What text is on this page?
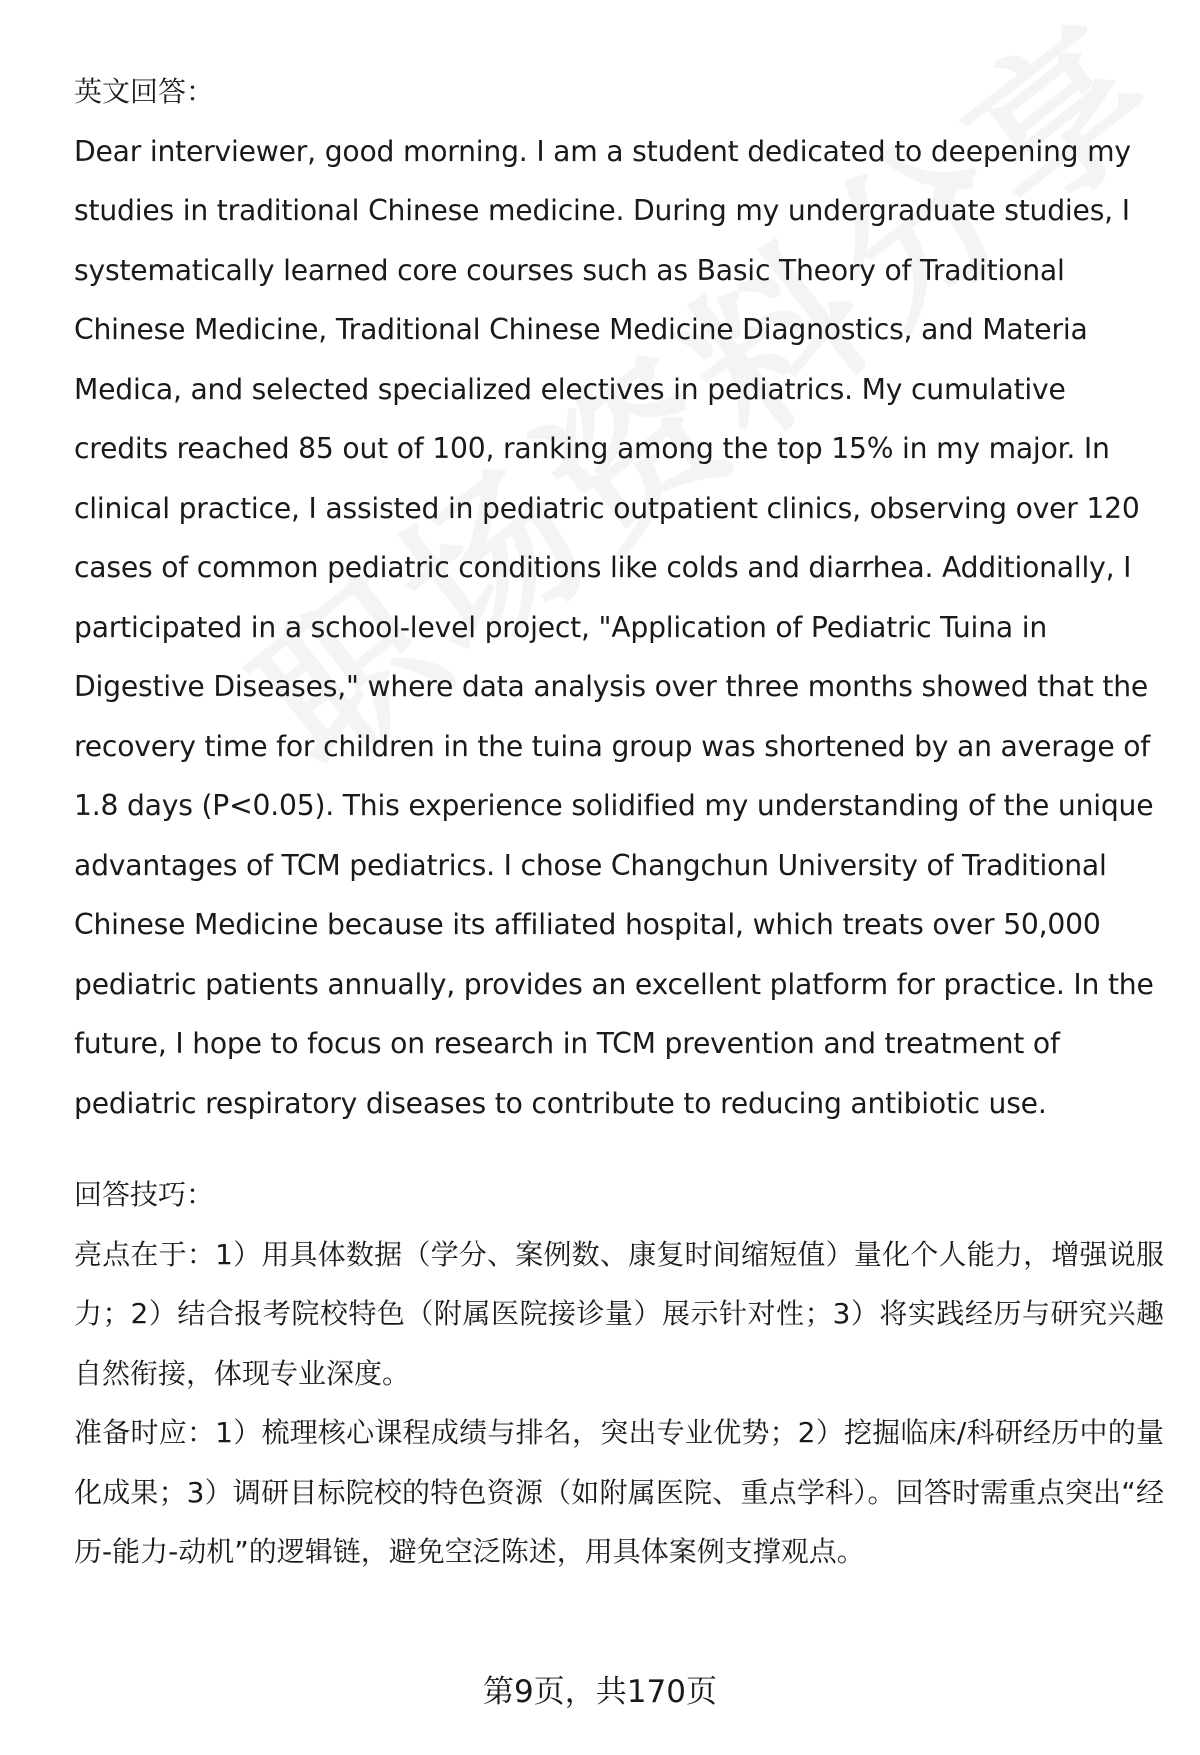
英文回答：

Dear interviewer, good morning. I am a student dedicated to deepening my studies in traditional Chinese medicine. During my undergraduate studies, I systematically learned core courses such as Basic Theory of Traditional Chinese Medicine, Traditional Chinese Medicine Diagnostics, and Materia Medica, and selected specialized electives in pediatrics. My cumulative credits reached 85 out of 100, ranking among the top 15% in my major. In clinical practice, I assisted in pediatric outpatient clinics, observing over 120 cases of common pediatric conditions like colds and diarrhea. Additionally, I participated in a school-level project, "Application of Pediatric Tuina in Digestive Diseases," where data analysis over three months showed that the recovery time for children in the tuina group was shortened by an average of 1.8 days (P<0.05). This experience solidified my understanding of the unique advantages of TCM pediatrics. I chose Changchun University of Traditional Chinese Medicine because its affiliated hospital, which treats over 50,000 pediatric patients annually, provides an excellent platform for practice. In the future, I hope to focus on research in TCM prevention and treatment of pediatric respiratory diseases to contribute to reducing antibiotic use.

回答技巧：

亮点在于：1）用具体数据（学分、案例数、康复时间缩短值）量化个人能力，增强说服力；2）结合报考院校特色（附属医院接诊量）展示针对性；3）将实践经历与研究兴趣自然衔接，体现专业深度。

准备时应：1）梳理核心课程成绩与排名，突出专业优势；2）挖掘临床/科研经历中的量化成果；3）调研目标院校的特色资源（如附属医院、重点学科）。回答时需重点突出“经历-能力-动机”的逻辑链，避免空泛陈述，用具体案例支撑观点。

第9页，共170页
